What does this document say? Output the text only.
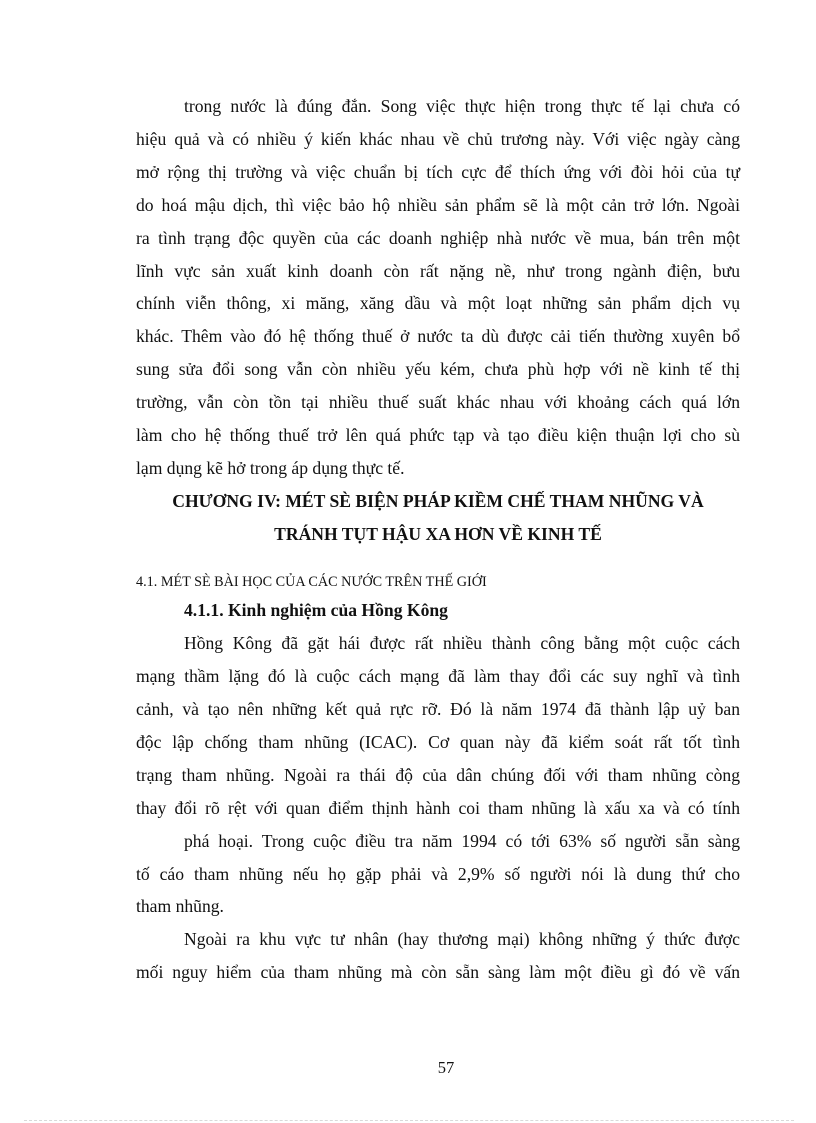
trong nước là đúng đắn. Song việc thực hiện trong thực tế lại chưa có
hiệu quả và có nhiều ý kiến khác nhau về chủ trương này. Với việc ngày càng
mở rộng thị trường và việc chuẩn bị tích cực để thích ứng với đòi hỏi của tự
do hoá mậu dịch, thì việc bảo hộ nhiều sản phẩm sẽ là một cản trở lớn. Ngoài
ra tình trạng độc quyền của các doanh nghiệp nhà nước về mua, bán trên một
lĩnh vực sản xuất kinh doanh còn rất nặng nề, như trong ngành điện, bưu
chính viễn thông, xi măng, xăng dầu và một loạt những sản phẩm dịch vụ
khác. Thêm vào đó hệ thống thuế ở nước ta dù được cải tiến thường xuyên bổ
sung sửa đổi song vẫn còn nhiều yếu kém, chưa phù hợp với nề kinh tế thị
trường, vẫn còn tồn tại nhiều thuế suất khác nhau với khoảng cách quá lớn
làm cho hệ thống thuế trở lên quá phức tạp và tạo điều kiện thuận lợi cho sù
lạm dụng kẽ hở trong áp dụng thực tế.
CHƯƠNG IV: MÉT SÈ BIỆN PHÁP KIỀM CHẾ THAM NHŨNG VÀ
TRÁNH TỤT HẬU XA HƠN VỀ KINH TẾ
4.1. MÉT SÈ BÀI HỌC CỦA CÁC NƯỚC TRÊN THẾ GIỚI
4.1.1. Kinh nghiệm của Hồng Kông
Hồng Kông đã gặt hái được rất nhiều thành công bằng một cuộc cách
mạng thầm lặng đó là cuộc cách mạng đã làm thay đổi các suy nghĩ và tình
cảnh, và tạo nên những kết quả rực rỡ. Đó là năm 1974 đã thành lập uỷ ban
độc lập chống tham nhũng (ICAC). Cơ quan này đã kiểm soát rất tốt tình
trạng tham nhũng. Ngoài ra thái độ của dân chúng đối với tham nhũng còng
thay đổi rõ rệt với quan điểm thịnh hành coi tham nhũng là xấu xa và có tính
phá hoại. Trong cuộc điều tra năm 1994 có tới 63% số người sẵn sàng
tố cáo tham nhũng nếu họ gặp phải và 2,9% số người nói là dung thứ cho
tham nhũng.
Ngoài ra khu vực tư nhân (hay thương mại) không những ý thức được
mối nguy hiểm của tham nhũng mà còn sẵn sàng làm một điều gì đó về vấn
57
